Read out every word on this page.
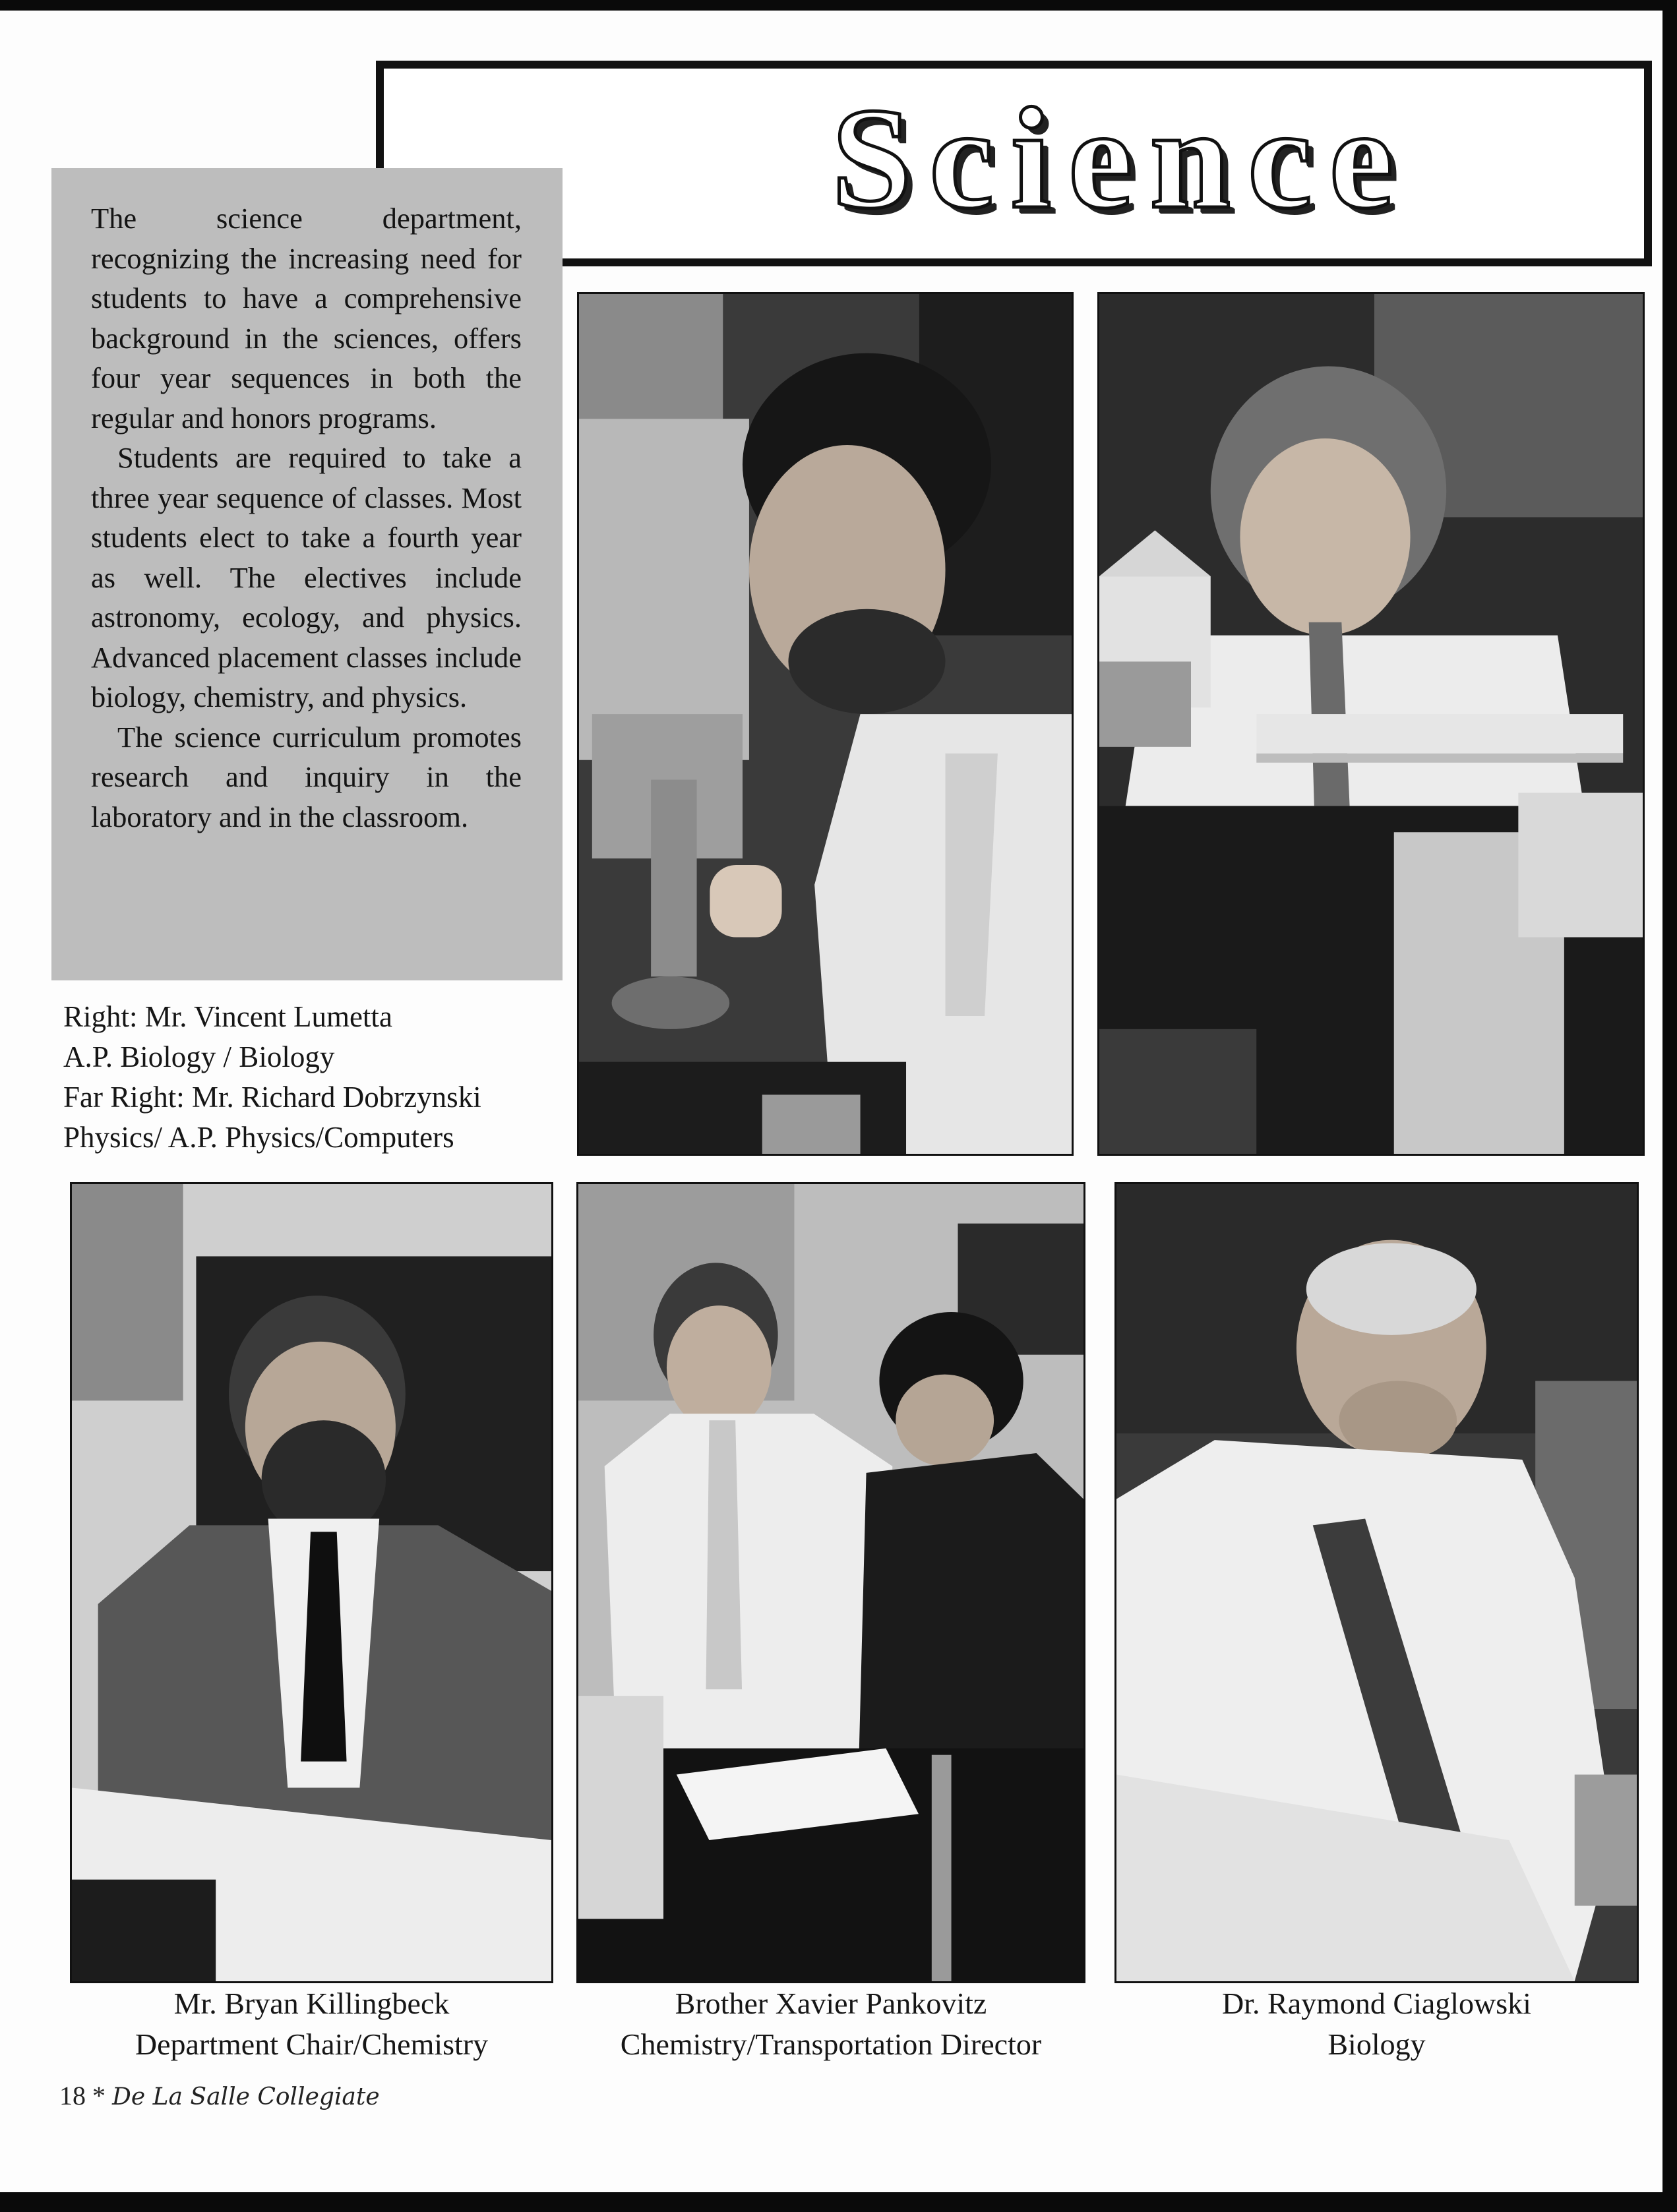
Science

The science department, recognizing the increasing need for students to have a comprehensive background in the sciences, offers four year sequences in both the regular and honors programs.

Students are required to take a three year sequence of classes. Most students elect to take a fourth year as well. The electives include astronomy, ecology, and physics. Advanced placement classes include biology, chemistry, and physics.

The science curriculum promotes research and inquiry in the laboratory and in the classroom.

Right: Mr. Vincent Lumetta
A.P. Biology / Biology
Far Right: Mr. Richard Dobrzynski
Physics/ A.P. Physics/Computers
Mr. Bryan Killingbeck
Department Chair/Chemistry
Brother Xavier Pankovitz
Chemistry/Transportation Director
Dr. Raymond Ciaglowski
Biology
18 * De La Salle Collegiate
